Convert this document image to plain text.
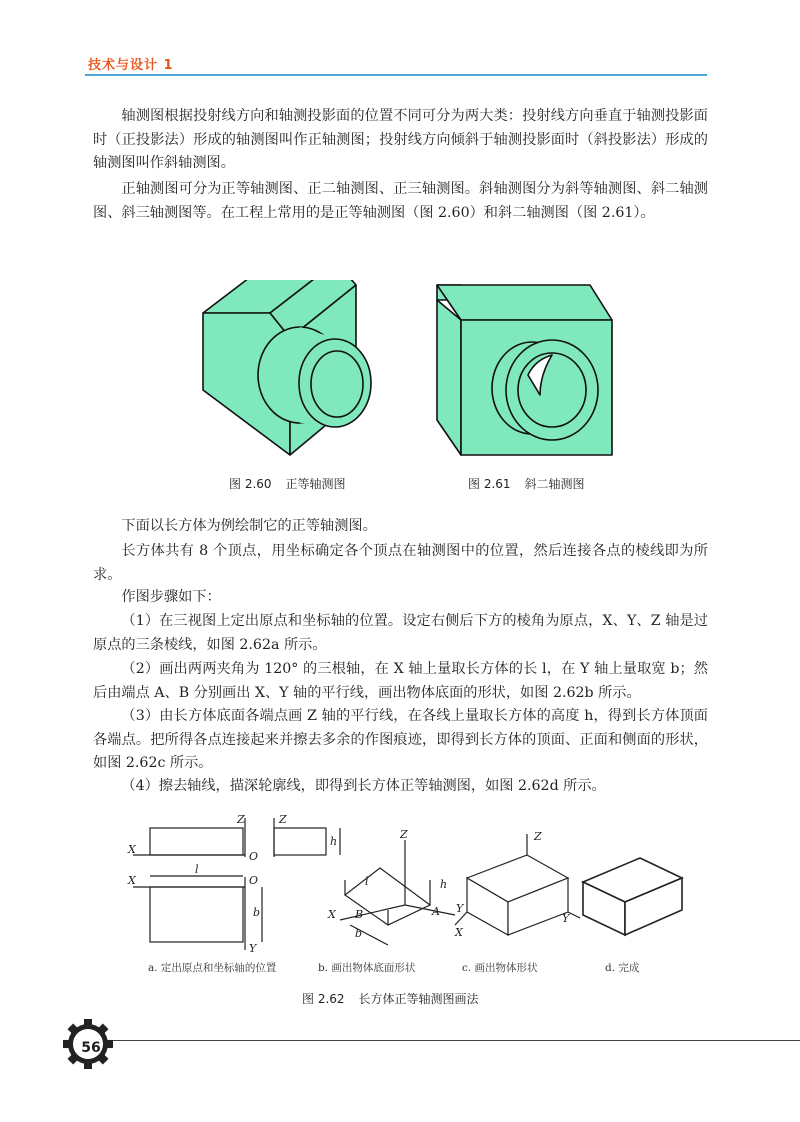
技术与设计 1

轴测图根据投射线方向和轴测投影面的位置不同可分为两大类：投射线方向垂直于轴测投影面时（正投影法）形成的轴测图叫作正轴测图；投射线方向倾斜于轴测投影面时（斜投影法）形成的轴测图叫作斜轴测图。

正轴测图可分为正等轴测图、正二轴测图、正三轴测图。斜轴测图分为斜等轴测图、斜二轴测图、斜三轴测图等。在工程上常用的是正等轴测图（图 2.60）和斜二轴测图（图 2.61）。

图 2.60 正等轴测图	图 2.61 斜二轴测图

下面以长方体为例绘制它的正等轴测图。

长方体共有 8 个顶点，用坐标确定各个顶点在轴测图中的位置，然后连接各点的棱线即为所求。

作图步骤如下：

（1）在三视图上定出原点和坐标轴的位置。设定右侧后下方的棱角为原点，X、Y、Z 轴是过原点的三条棱线，如图 2.62a 所示。

（2）画出两两夹角为 120° 的三根轴，在 X 轴上量取长方体的长 l，在 Y 轴上量取宽 b；然后由端点 A、B 分别画出 X、Y 轴的平行线，画出物体底面的形状，如图 2.62b 所示。

（3）由长方体底面各端点画 Z 轴的平行线，在各线上量取长方体的高度 h，得到长方体顶面各端点。把所得各点连接起来并擦去多余的作图痕迹，即得到长方体的顶面、正面和侧面的形状，如图 2.62c 所示。

（4）擦去轴线，描深轮廓线，即得到长方体正等轴测图，如图 2.62d 所示。

X
Z
O
Z
h
l
b
X	O
Y
Z
X	Y
A
B
l	h
b
Z
X
Y
a. 定出原点和坐标轴的位置	b. 画出物体底面形状	c. 画出物体形状	d. 完成
图 2.62 长方体正等轴测图画法
56
